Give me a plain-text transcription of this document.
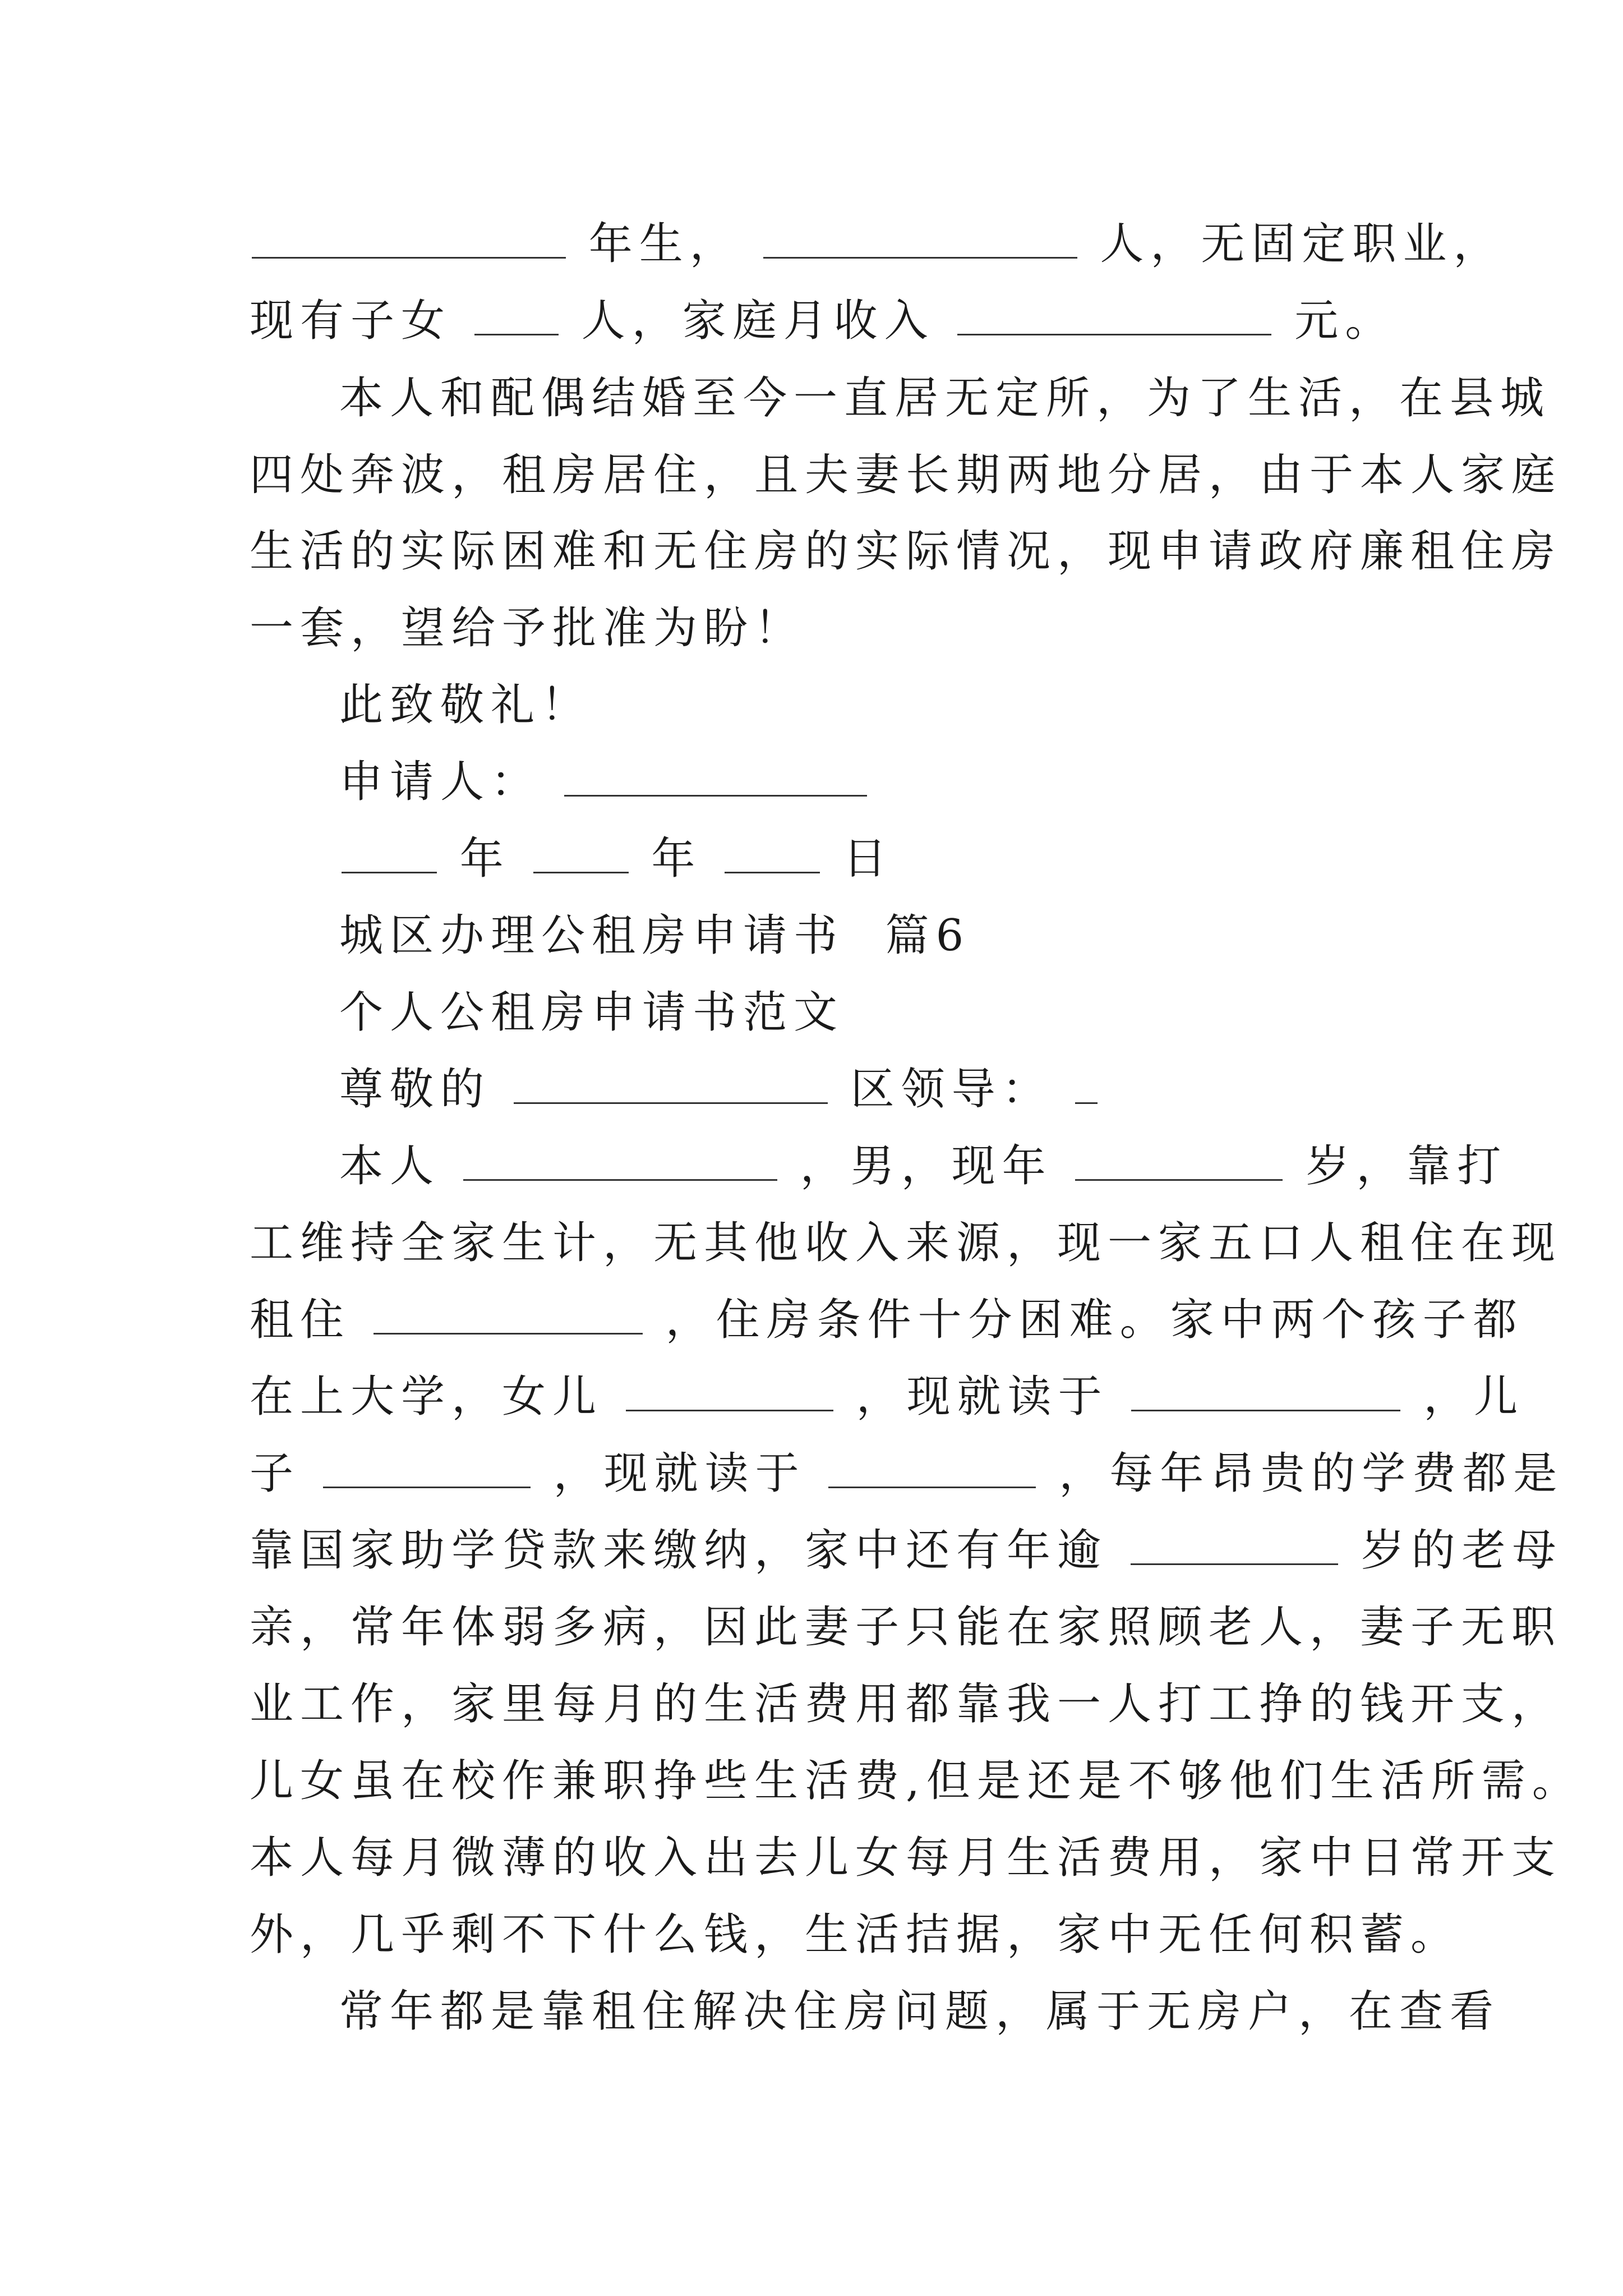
年生，	人，无固定职业，
现有子女	人，家庭月收入	元。
本人和配偶结婚至今一直居无定所，为了生活，在县城
四处奔波，租房居住，且夫妻长期两地分居，由于本人家庭
生活的实际困难和无住房的实际情况，现申请政府廉租住房
一套，望给予批准为盼！
此致敬礼！
申请人：
年	年	日
城区办理公租房申请书  篇6
个人公租房申请书范文
尊敬的	区领导：
本人	，男，现年	岁，靠打
工维持全家生计，无其他收入来源，现一家五口人租住在现
租住	，住房条件十分困难。家中两个孩子都
在上大学，女儿	，现就读于	，儿
子	，现就读于	，每年昂贵的学费都是
靠国家助学贷款来缴纳，家中还有年逾	岁的老母
亲，常年体弱多病，因此妻子只能在家照顾老人，妻子无职
业工作，家里每月的生活费用都靠我一人打工挣的钱开支，
儿女虽在校作兼职挣些生活费,但是还是不够他们生活所需。
本人每月微薄的收入出去儿女每月生活费用，家中日常开支
外，几乎剩不下什么钱，生活拮据，家中无任何积蓄。
常年都是靠租住解决住房问题，属于无房户，在查看
